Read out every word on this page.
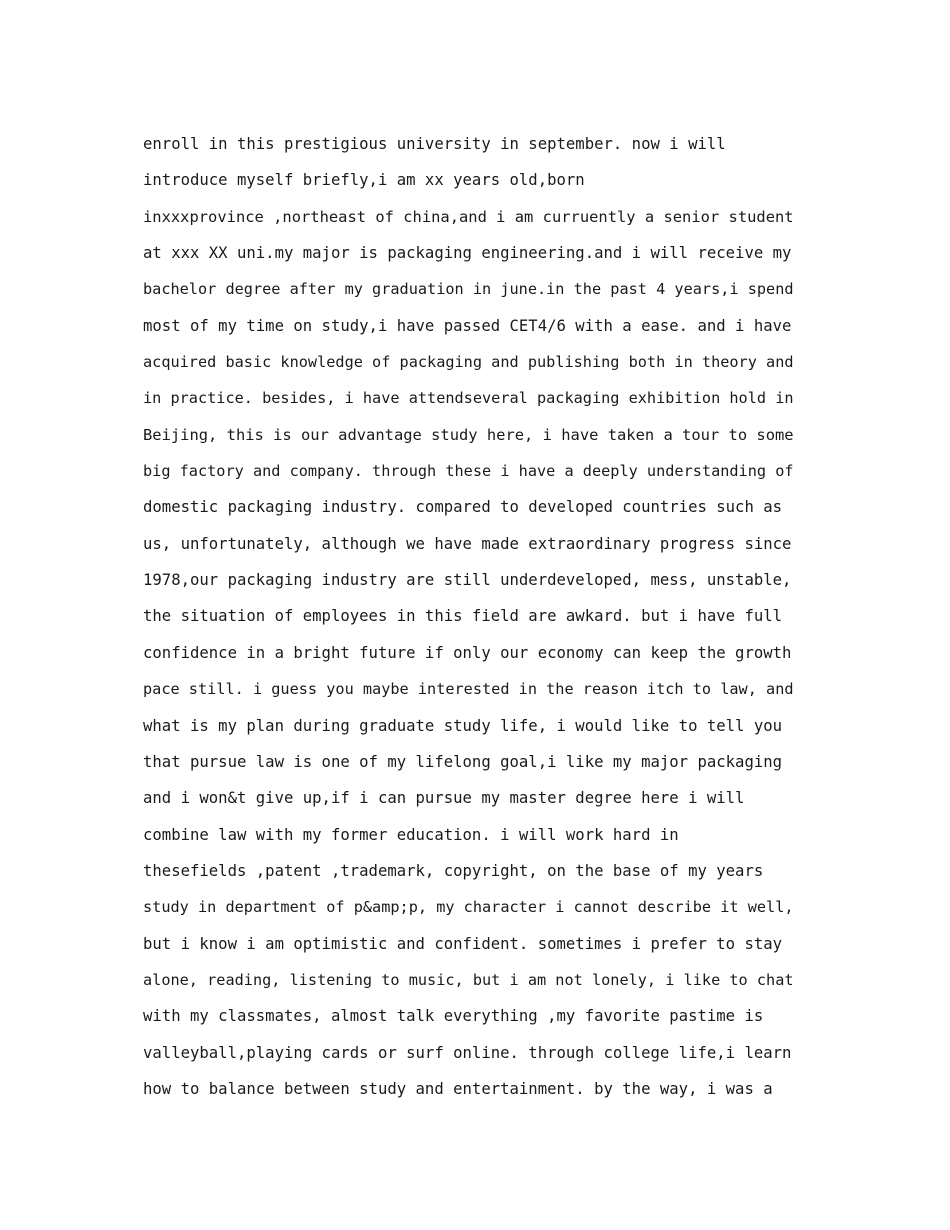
enroll in this prestigious university in september. now i will
introduce myself briefly,i am xx years old,born
inxxxprovince ,northeast of china,and i am curruently a senior student
at xxx XX uni.my major is packaging engineering.and i will receive my
bachelor degree after my graduation in june.in the past 4 years,i spend
most of my time on study,i have passed CET4/6 with a ease. and i have
acquired basic knowledge of packaging and publishing both in theory and
in practice. besides, i have attendseveral packaging exhibition hold in
Beijing, this is our advantage study here, i have taken a tour to some
big factory and company. through these i have a deeply understanding of
domestic packaging industry. compared to developed countries such as
us, unfortunately, although we have made extraordinary progress since
1978,our packaging industry are still underdeveloped, mess, unstable,
the situation of employees in this field are awkard. but i have full
confidence in a bright future if only our economy can keep the growth
pace still. i guess you maybe interested in the reason itch to law, and
what is my plan during graduate study life, i would like to tell you
that pursue law is one of my lifelong goal,i like my major packaging
and i won&t give up,if i can pursue my master degree here i will
combine law with my former education. i will work hard in
thesefields ,patent ,trademark, copyright, on the base of my years
study in department of p&amp;p, my character i cannot describe it well,
but i know i am optimistic and confident. sometimes i prefer to stay
alone, reading, listening to music, but i am not lonely, i like to chat
with my classmates, almost talk everything ,my favorite pastime is
valleyball,playing cards or surf online. through college life,i learn
how to balance between study and entertainment. by the way, i was a
